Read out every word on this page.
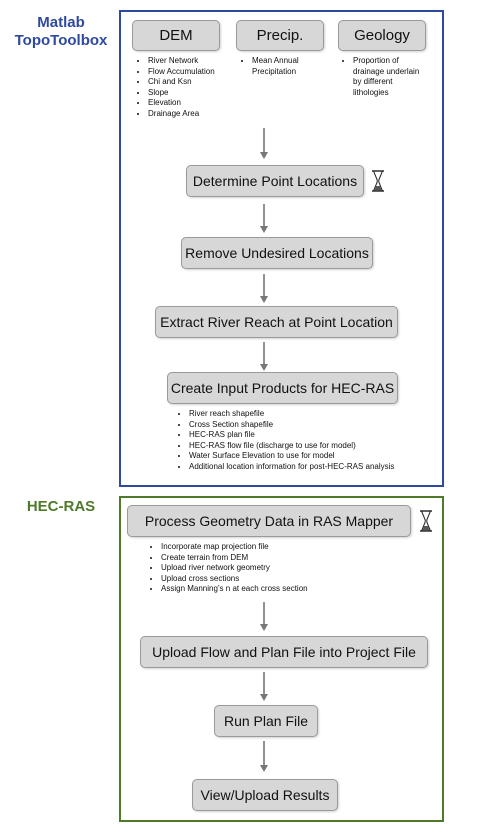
Matlab
TopoToolbox
HEC-RAS
DEM	Precip.	Geology
• River Network
• Flow Accumulation
• Chi and Ksn
• Slope
• Elevation
• Drainage Area
• Mean Annual Precipitation
• Proportion of drainage underlain by different lithologies
Determine Point Locations
Remove Undesired Locations
Extract River Reach at Point Location
Create Input Products for HEC-RAS
• River reach shapefile
• Cross Section shapefile
• HEC-RAS plan file
• HEC-RAS flow file (discharge to use for model)
• Water Surface Elevation to use for model
• Additional location information for post-HEC-RAS analysis
Process Geometry Data in RAS Mapper
• Incorporate map projection file
• Create terrain from DEM
• Upload river network geometry
• Upload cross sections
• Assign Manning’s n at each cross section
Upload Flow and Plan File into Project File
Run Plan File
View/Upload Results
